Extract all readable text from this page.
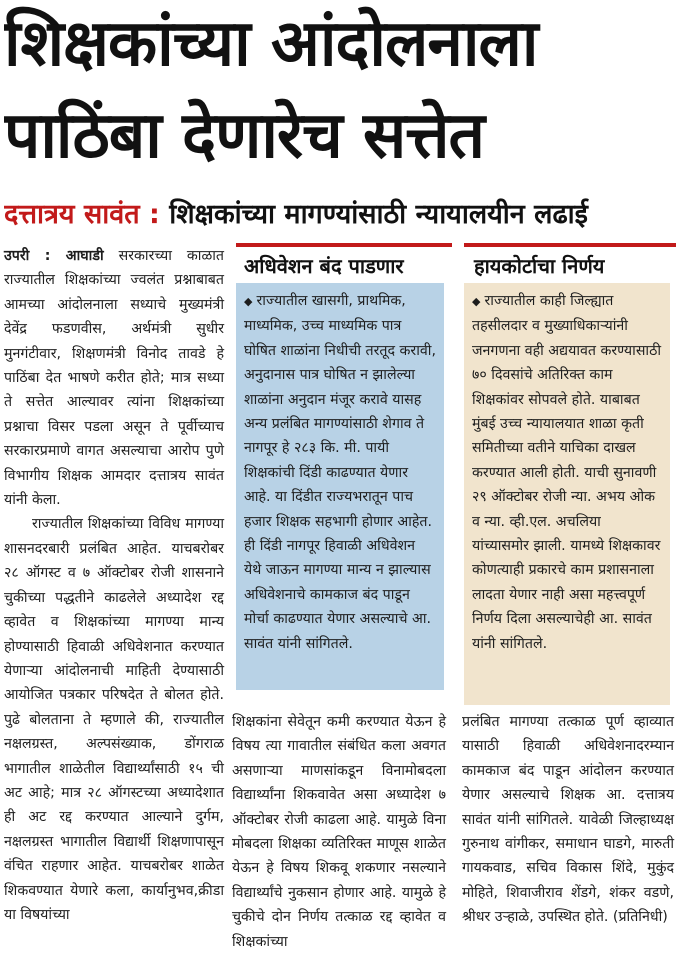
शिक्षकांच्या आंदोलनाला
पाठिंबा देणारेच सत्तेत
दत्तात्रय सावंत : शिक्षकांच्या मागण्यांसाठी न्यायालयीन लढाई

उपरी : आघाडी सरकारच्या काळात राज्यातील शिक्षकांच्या ज्वलंत प्रश्नाबाबत आमच्या आंदोलनाला सध्याचे मुख्यमंत्री देवेंद्र फडणवीस, अर्थमंत्री सुधीर मुनगंटीवार, शिक्षणमंत्री विनोद तावडे हे पाठिंबा देत भाषणे करीत होते; मात्र सध्या ते सत्तेत आल्यावर त्यांना शिक्षकांच्या प्रश्नाचा विसर पडला असून ते पूर्वीच्याच सरकारप्रमाणे वागत असल्याचा आरोप पुणे विभागीय शिक्षक आमदार दत्तात्रय सावंत यांनी केला.

राज्यातील शिक्षकांच्या विविध मागण्या शासनदरबारी प्रलंबित आहेत. याचबरोबर २८ ऑगस्ट व ७ ऑक्टोबर रोजी शासनाने चुकीच्या पद्धतीने काढलेले अध्यादेश रद्द व्हावेत व शिक्षकांच्या मागण्या मान्य होण्यासाठी हिवाळी अधिवेशनात करण्यात येणाऱ्या आंदोलनाची माहिती देण्यासाठी आयोजित पत्रकार परिषदेत ते बोलत होते. पुढे बोलताना ते म्हणाले की, राज्यातील नक्षलग्रस्त, अल्पसंख्याक, डोंगराळ भागातील शाळेतील विद्यार्थ्यांसाठी १५ ची अट आहे; मात्र २८ ऑगस्टच्या अध्यादेशात ही अट रद्द करण्यात आल्याने दुर्गम, नक्षलग्रस्त भागातील विद्यार्थी शिक्षणापासून वंचित राहणार आहेत. याचबरोबर शाळेत शिकवण्यात येणारे कला, कार्यानुभव,क्रीडा या विषयांच्या

अधिवेशन बंद पाडणार
◆ राज्यातील खासगी, प्राथमिक, माध्यमिक, उच्च माध्यमिक पात्र घोषित शाळांना निधीची तरतूद करावी, अनुदानास पात्र घोषित न झालेल्या शाळांना अनुदान मंजूर करावे यासह अन्य प्रलंबित मागण्यांसाठी शेगाव ते नागपूर हे २८३ कि. मी. पायी शिक्षकांची दिंडी काढण्यात येणार आहे. या दिंडीत राज्यभरातून पाच हजार शिक्षक सहभागी होणार आहेत. ही दिंडी नागपूर हिवाळी अधिवेशन येथे जाऊन मागण्या मान्य न झाल्यास अधिवेशनाचे कामकाज बंद पाडून मोर्चा काढण्यात येणार असल्याचे आ. सावंत यांनी सांगितले.
हायकोर्टाचा निर्णय
◆ राज्यातील काही जिल्ह्यात तहसीलदार व मुख्याधिकाऱ्यांनी जनगणना वही अद्ययावत करण्यासाठी ७० दिवसांचे अतिरिक्त काम शिक्षकांवर सोपवले होते. याबाबत मुंबई उच्च न्यायालयात शाळा कृती समितीच्या वतीने याचिका दाखल करण्यात आली होती. याची सुनावणी २९ ऑक्टोबर रोजी न्या. अभय ओक व न्या. व्ही.एल. अचलिया यांच्यासमोर झाली. यामध्ये शिक्षकावर कोणत्याही प्रकारचे काम प्रशासनाला लादता येणार नाही असा महत्त्वपूर्ण निर्णय दिला असल्याचेही आ. सावंत यांनी सांगितले.

शिक्षकांना सेवेतून कमी करण्यात येऊन हे विषय त्या गावातील संबंधित कला अवगत असणाऱ्या माणसांकडून विनामोबदला विद्यार्थ्यांना शिकवावेत असा अध्यादेश ७ ऑक्टोबर रोजी काढला आहे. यामुळे विना मोबदला शिक्षका व्यतिरिक्त माणूस शाळेत येऊन हे विषय शिकवू शकणार नसल्याने विद्यार्थ्यांचे नुकसान होणार आहे. यामुळे हे चुकीचे दोन निर्णय तत्काळ रद्द व्हावेत व शिक्षकांच्या

प्रलंबित मागण्या तत्काळ पूर्ण व्हाव्यात यासाठी हिवाळी अधिवेशनादरम्यान कामकाज बंद पाडून आंदोलन करण्यात येणार असल्याचे शिक्षक आ. दत्तात्रय सावंत यांनी सांगितले. यावेळी जिल्हाध्यक्ष गुरुनाथ वांगीकर, समाधान घाडगे, मारुती गायकवाड, सचिव विकास शिंदे, मुकुंद मोहिते, शिवाजीराव शेंडगे, शंकर वडणे, श्रीधर उऱ्हाळे, उपस्थित होते. (प्रतिनिधी)
